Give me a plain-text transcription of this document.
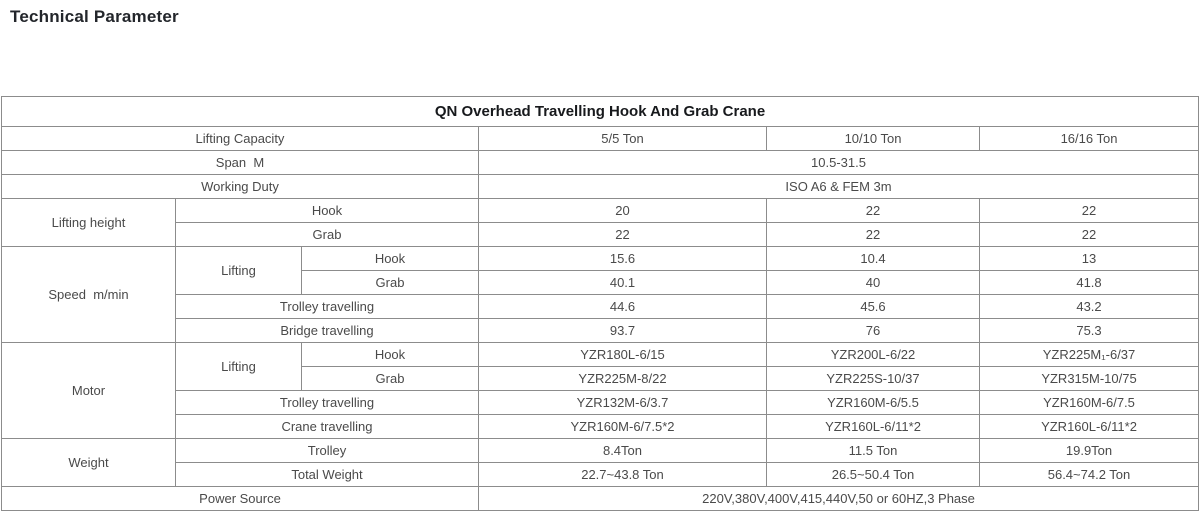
Technical Parameter
QN Overhead Travelling Hook And Grab Crane					
Lifting Capacity			5/5 Ton	10/10 Ton	16/16 Ton
Span  M			10.5-31.5		
Working Duty			ISO A6 & FEM 3m		
Lifting height	Hook		20	22	22
	Grab		22	22	22
Speed  m/min	Lifting	Hook	15.6	10.4	13
		Grab	40.1	40	41.8
	Trolley travelling		44.6	45.6	43.2
	Bridge travelling		93.7	76	75.3
Motor	Lifting	Hook	YZR180L-6/15	YZR200L-6/22	YZR225M₁-6/37
		Grab	YZR225M-8/22	YZR225S-10/37	YZR315M-10/75
	Trolley travelling		YZR132M-6/3.7	YZR160M-6/5.5	YZR160M-6/7.5
	Crane travelling		YZR160M-6/7.5*2	YZR160L-6/11*2	YZR160L-6/11*2
Weight	Trolley		8.4Ton	11.5 Ton	19.9Ton
	Total Weight		22.7~43.8 Ton	26.5~50.4 Ton	56.4~74.2 Ton
Power Source			220V,380V,400V,415,440V,50 or 60HZ,3 Phase		
